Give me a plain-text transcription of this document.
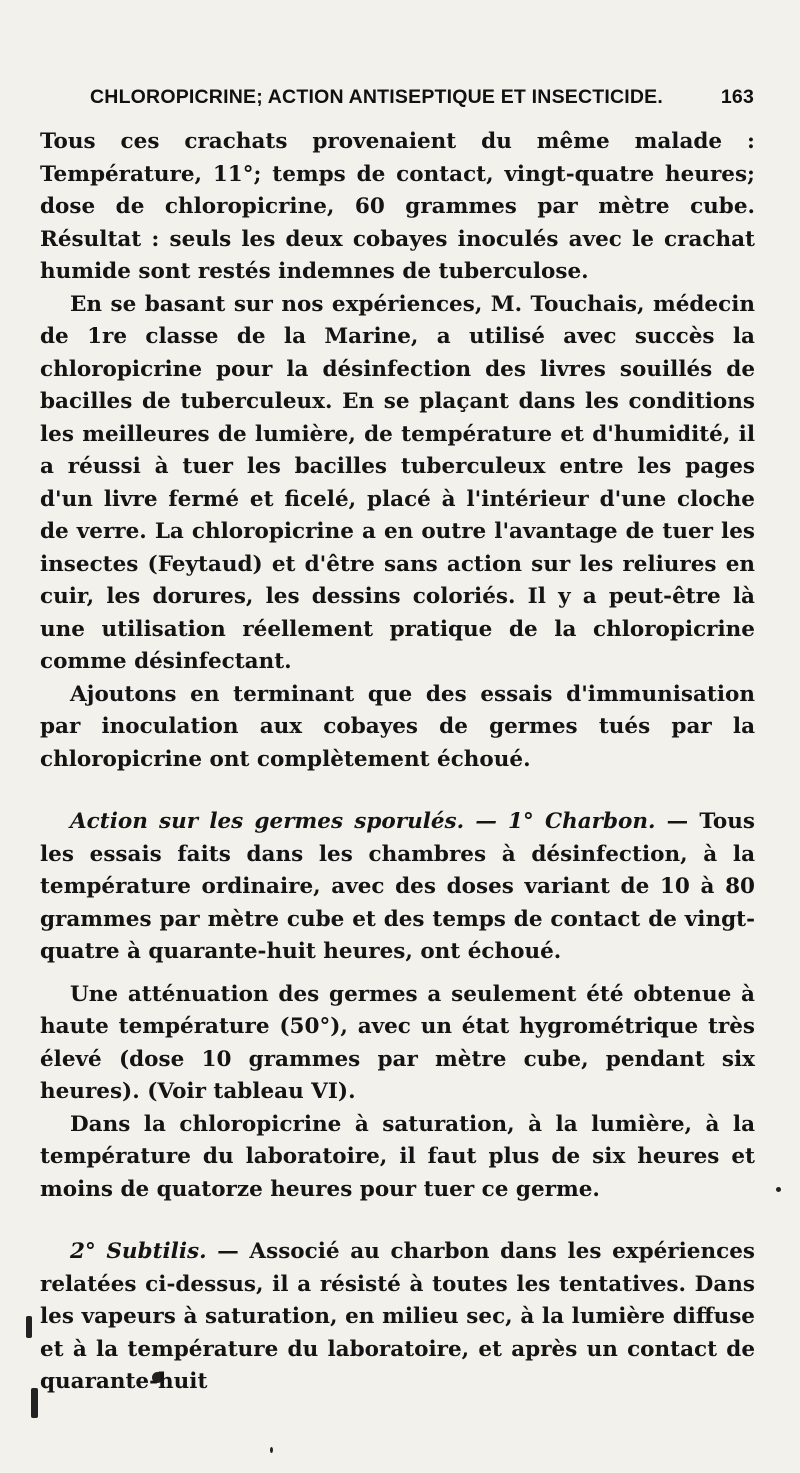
CHLOROPICRINE; ACTION ANTISEPTIQUE ET INSECTICIDE.	163

Tous ces crachats provenaient du même malade : Température, 11°; temps de contact, vingt-quatre heures; dose de chloropicrine, 60 grammes par mètre cube. Résultat : seuls les deux cobayes inoculés avec le crachat humide sont restés indemnes de tuberculose.

En se basant sur nos expériences, M. Touchais, médecin de 1re classe de la Marine, a utilisé avec succès la chloropicrine pour la désinfection des livres souillés de bacilles de tuberculeux. En se plaçant dans les conditions les meilleures de lumière, de température et d'humidité, il a réussi à tuer les bacilles tuberculeux entre les pages d'un livre fermé et ficelé, placé à l'intérieur d'une cloche de verre. La chloropicrine a en outre l'avantage de tuer les insectes (Feytaud) et d'être sans action sur les reliures en cuir, les dorures, les dessins coloriés. Il y a peut-être là une utilisation réellement pratique de la chloropicrine comme désinfectant.

Ajoutons en terminant que des essais d'immunisation par inoculation aux cobayes de germes tués par la chloropicrine ont complètement échoué.

Action sur les germes sporulés. — 1° Charbon. — Tous les essais faits dans les chambres à désinfection, à la température ordinaire, avec des doses variant de 10 à 80 grammes par mètre cube et des temps de contact de vingt-quatre à quarante-huit heures, ont échoué.

Une atténuation des germes a seulement été obtenue à haute température (50°), avec un état hygrométrique très élevé (dose 10 grammes par mètre cube, pendant six heures). (Voir tableau VI).

Dans la chloropicrine à saturation, à la lumière, à la température du laboratoire, il faut plus de six heures et moins de quatorze heures pour tuer ce germe.

2° Subtilis. — Associé au charbon dans les expériences relatées ci-dessus, il a résisté à toutes les tentatives. Dans les vapeurs à saturation, en milieu sec, à la lumière diffuse et à la température du laboratoire, et après un contact de quarante-huit
